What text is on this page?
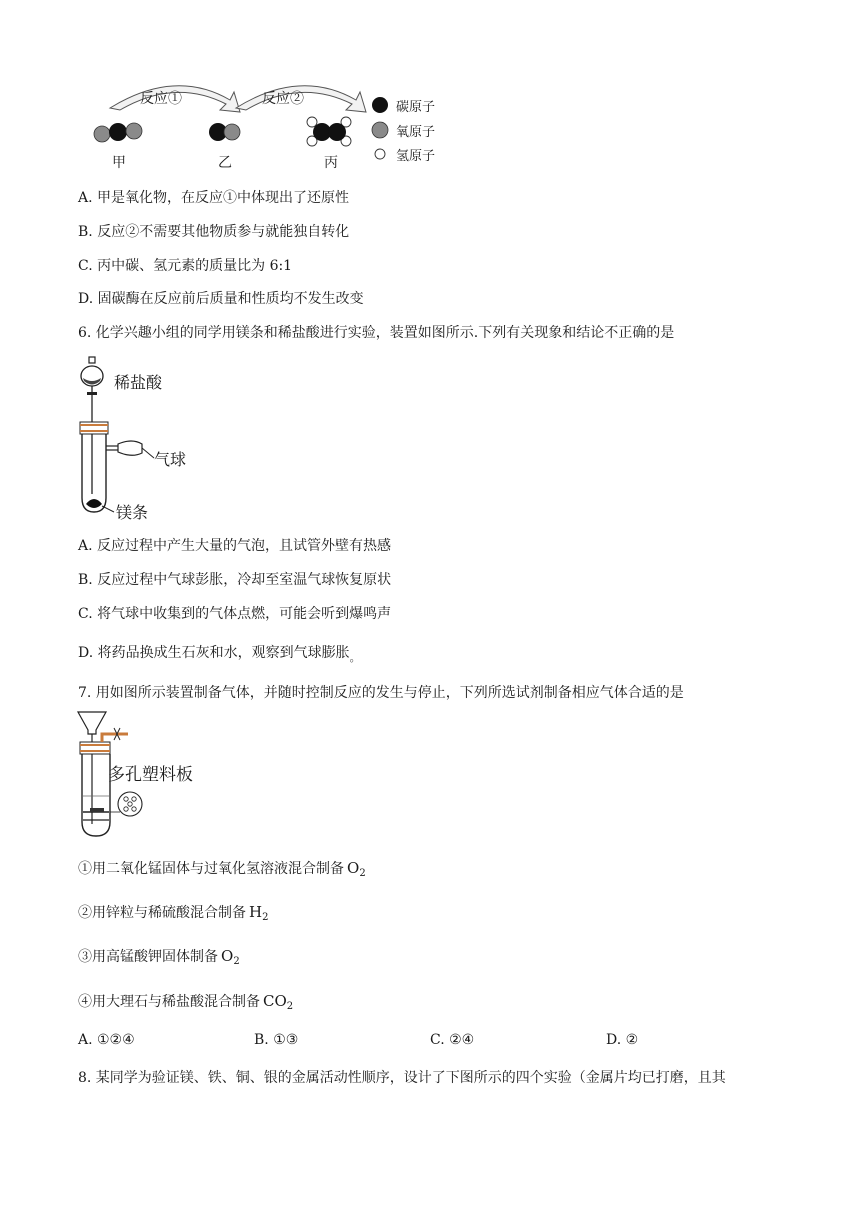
反应①	反应②
甲	乙	丙
碳原子
氧原子
氢原子
A. 甲是氧化物，在反应①中体现出了还原性
B. 反应②不需要其他物质参与就能独自转化
C. 丙中碳、氢元素的质量比为 6:1
D. 固碳酶在反应前后质量和性质均不发生改变
6. 化学兴趣小组的同学用镁条和稀盐酸进行实验，装置如图所示.下列有关现象和结论不正确的是
稀盐酸
气球
镁条
A. 反应过程中产生大量的气泡，且试管外壁有热感
B. 反应过程中气球彭胀，冷却至室温气球恢复原状
C. 将气球中收集到的气体点燃，可能会听到爆鸣声
D. 将药品换成生石灰和水，观察到气球膨胀$_。$
7. 用如图所示装置制备气体，并随时控制反应的发生与停止，下列所选试剂制备相应气体合适的是
多孔塑料板
①用二氧化锰固体与过氧化氢溶液混合制备 $O_2$
②用锌粒与稀硫酸混合制备 $H_2$
③用高锰酸钾固体制备 $O_2$
④用大理石与稀盐酸混合制备 $CO_2$
A. ①②④	B. ①③	C. ②④	D. ②
8. 某同学为验证镁、铁、铜、银的金属活动性顺序，设计了下图所示的四个实验（金属片均已打磨，且其
